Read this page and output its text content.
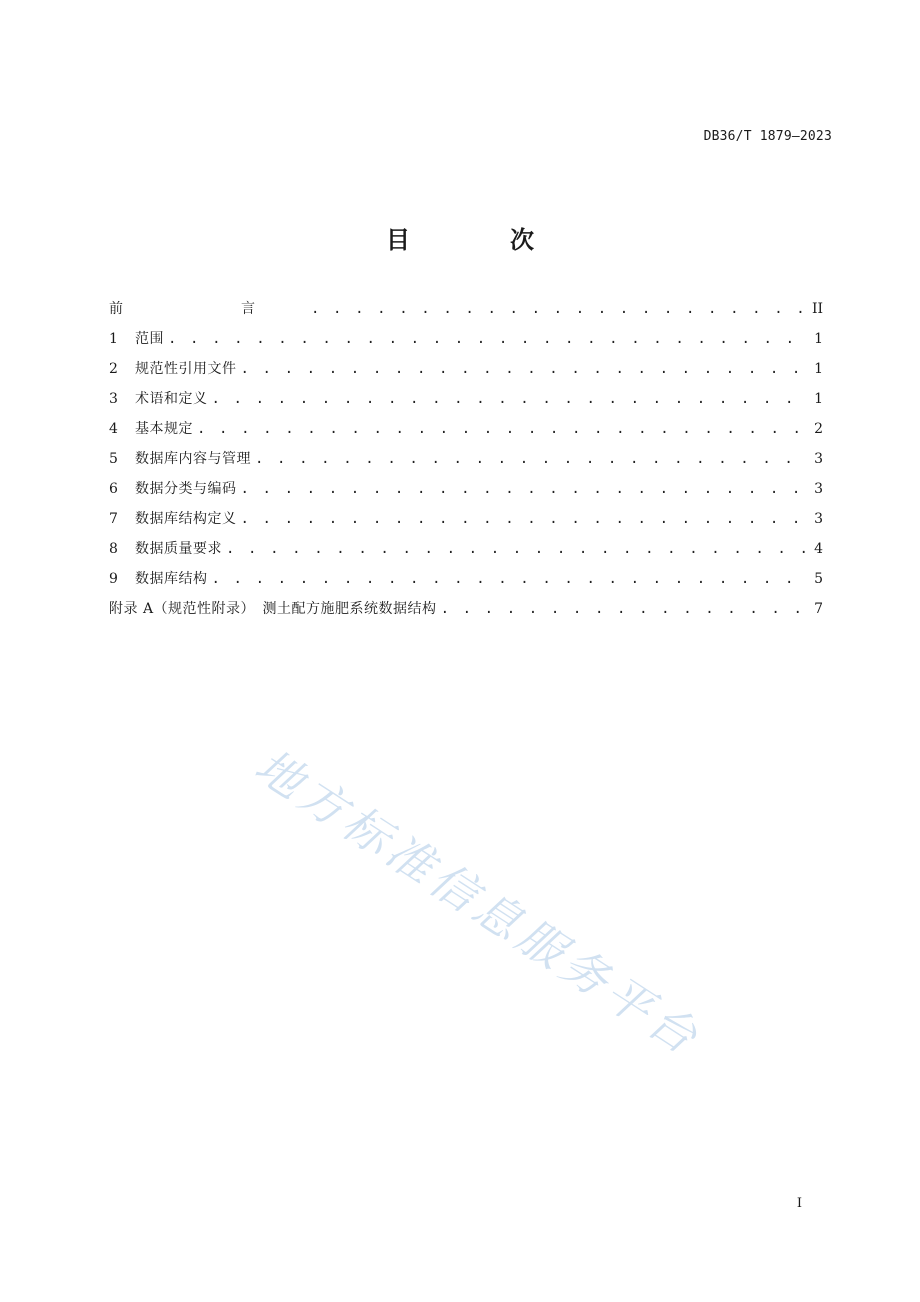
DB36/T 1879—2023
目　次
前　言 . . .	II
1	范围 . . .	1
2	规范性引用文件 . . .	1
3	术语和定义 . . .	1
4	基本规定 . . .	2
5	数据库内容与管理 . . .	3
6	数据分类与编码 . . .	3
7	数据库结构定义 . . .	3
8	数据质量要求 . . .	4
9	数据库结构 . . .	5
附录 A（规范性附录）　测土配方施肥系统数据结构 . . .	7
地方标准信息服务平台
I
